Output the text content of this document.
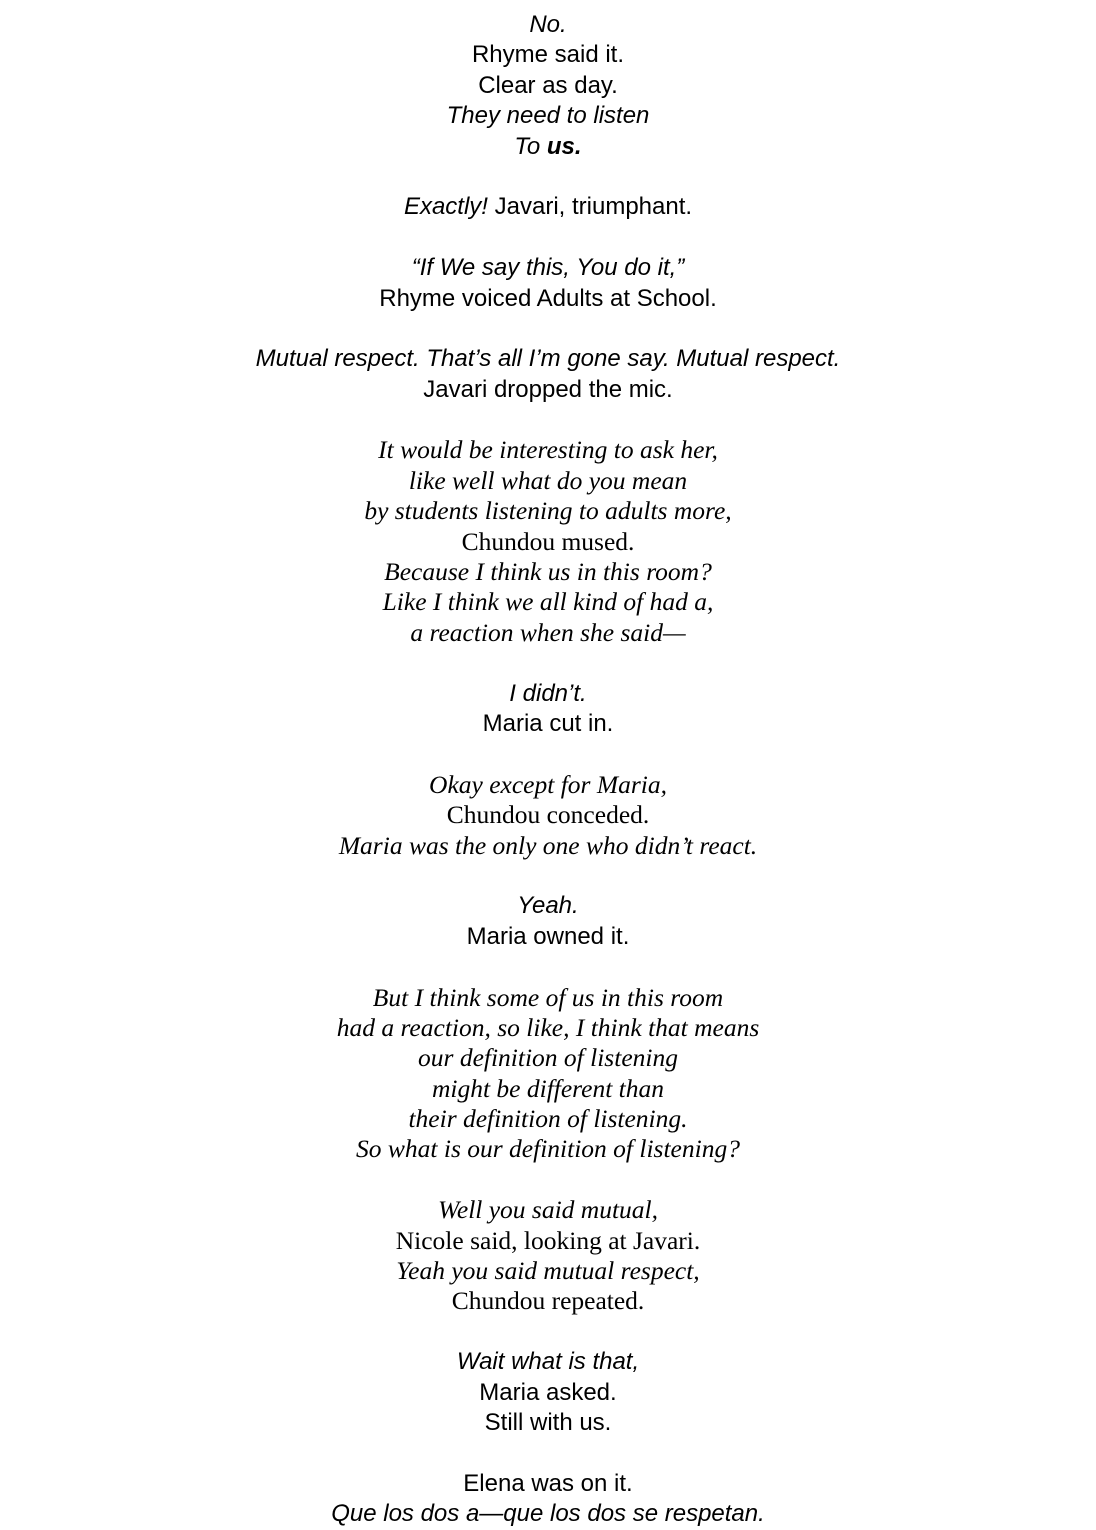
No.
Rhyme said it.
Clear as day.
They need to listen
To us.
Exactly! Javari, triumphant.
“If We say this, You do it,”
Rhyme voiced Adults at School.
Mutual respect. That’s all I’m gone say. Mutual respect.
Javari dropped the mic.
It would be interesting to ask her,
like well what do you mean
by students listening to adults more,
Chundou mused.
Because I think us in this room?
Like I think we all kind of had a,
a reaction when she said—
I didn’t.
Maria cut in.
Okay except for Maria,
Chundou conceded.
Maria was the only one who didn’t react.
Yeah.
Maria owned it.
But I think some of us in this room
had a reaction, so like, I think that means
our definition of listening
might be different than
their definition of listening.
So what is our definition of listening?
Well you said mutual,
Nicole said, looking at Javari.
Yeah you said mutual respect,
Chundou repeated.
Wait what is that,
Maria asked.
Still with us.
Elena was on it.
Que los dos a—que los dos se respetan.
